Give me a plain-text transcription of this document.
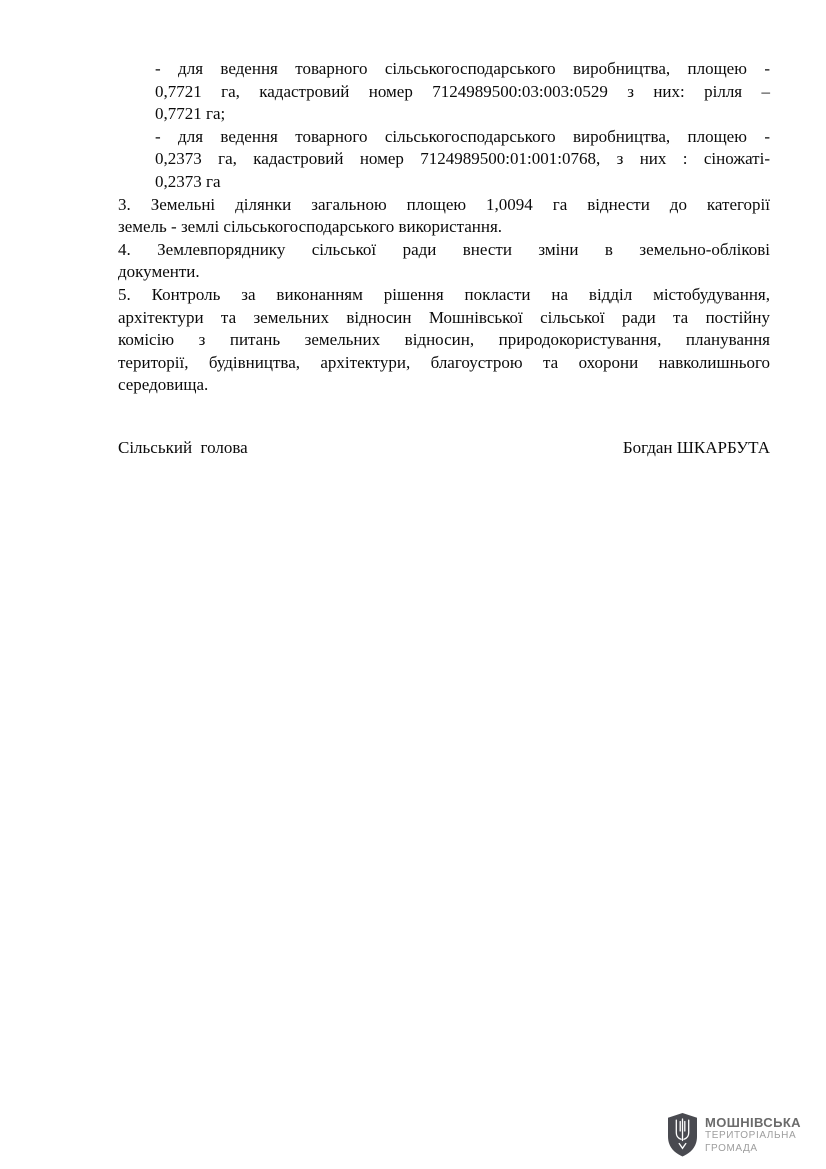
- для ведення товарного сільськогосподарського виробництва, площею -
0,7721 га, кадастровий номер 7124989500:03:003:0529 з них: рілля –
0,7721 га;
- для ведення товарного сільськогосподарського виробництва, площею -
0,2373 га, кадастровий номер 7124989500:01:001:0768, з них : сіножаті-
0,2373 га
3. Земельні ділянки загальною площею 1,0094 га віднести до категорії
земель - землі сільськогосподарського використання.
4. Землевпоряднику сільської ради внести зміни в земельно-облікові
документи.
5. Контроль за виконанням рішення покласти на відділ містобудування,
архітектури та земельних відносин Мошнівської сільської ради та постійну
комісію з питань земельних відносин, природокористування, планування
території, будівництва, архітектури, благоустрою та охорони навколишнього
середовища.
Сільський  голова	Богдан ШКАРБУТА
МОШНІВСЬКА
ТЕРИТОРІАЛЬНА
ГРОМАДА
